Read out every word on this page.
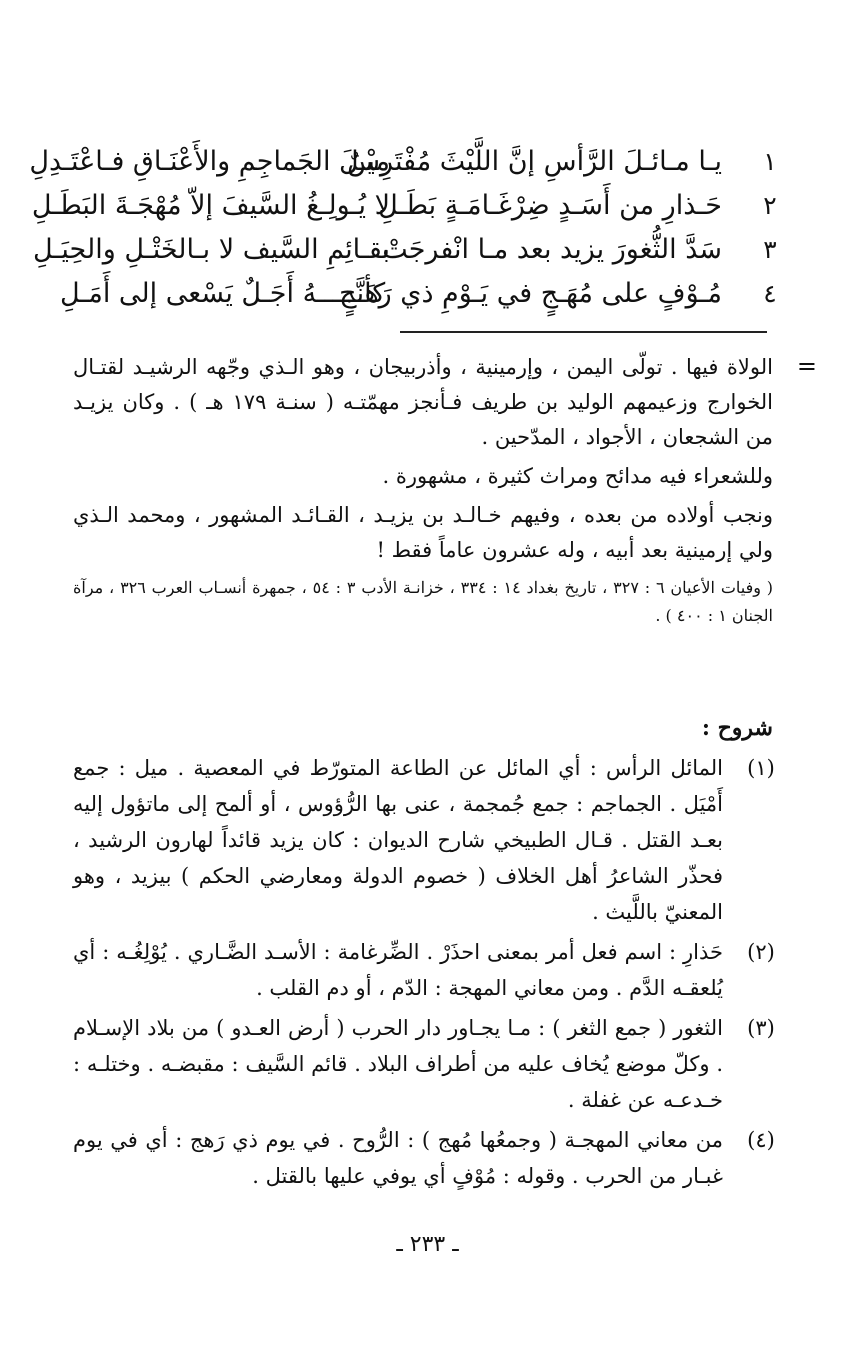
١
يـا مـائـلَ الرَّأسِ إنَّ اللَّيْثَ مُفْتَرِسٌ
مِيْـلَ الجَماجِمِ والأَعْنَـاقِ فـاعْتَـدِلِ
٢
حَـذارِ من أَسَـدٍ ضِرْغَـامَـةٍ بَطَـلِ
لا يُـولِـغُ السَّيفَ إلاّ مُهْجَـةَ البَطَـلِ
٣
سَدَّ الثُّغورَ يزيد بعد مـا انْفرجَتْ
بقـائِمِ السَّيف لا بـالخَتْـلِ والحِيَـلِ
٤
مُـوْفٍ على مُهَـجٍ في يَـوْمِ ذي رَهَـجٍ
كأنَّـــــهُ أَجَـلٌ يَسْعى إلى أَمَـلِ
=

الولاة فيها . تولّى اليمن ، وإرمينية ، وأذربيجان ، وهو الـذي وجّهه الرشيـد لقتـال الخوارج وزعيمهم الوليد بن طريف فـأنجز مهمّتـه ( سنـة ١٧٩ هـ ) . وكان يزيـد من الشجعان ، الأجواد ، المدّحين .

وللشعراء فيه مدائح ومراث كثيرة ، مشهورة .

ونجب أولاده من بعده ، وفيهم خـالـد بن يزيـد ، القـائـد المشهور ، ومحمد الـذي ولي إرمينية بعد أبيه ، وله عشرون عاماً فقط !

( وفيات الأعيان ٦ : ٣٢٧ ، تاريخ بغداد ١٤ : ٣٣٤ ، خزانـة الأدب ٣ : ٥٤ ، جمهرة أنسـاب العرب ٣٢٦ ، مرآة الجنان ١ : ٤٠٠ ) .

شروح :
(١)
المائل الرأس : أي المائل عن الطاعة المتورّط في المعصية . ميل : جمع أَمْيَل . الجماجم : جمع جُمجمة ، عنى بها الرُّؤوس ، أو ألمح إلى ماتؤول إليه بعـد القتل . قـال الطبيخي شارح الديوان : كان يزيد قائداً لهارون الرشيد ، فحذّر الشاعرُ أهل الخلاف ( خصوم الدولة ومعارضي الحكم ) بيزيد ، وهو المعنيّ باللَّيث .
(٢)
حَذارِ : اسم فعل أمر بمعنى احذَرْ . الضِّرغامة : الأسـد الضَّـاري . يُوْلِغُـه : أي يُلعقـه الدَّم . ومن معاني المهجة : الدّم ، أو دم القلب .
(٣)
الثغور ( جمع الثغر ) : مـا يجـاور دار الحرب ( أرض العـدو ) من بلاد الإسـلام . وكلّ موضع يُخاف عليه من أطراف البلاد . قائم السَّيف : مقبضـه . وختلـه : خـدعـه عن غفلة .
(٤)
من معاني المهجـة ( وجمعُها مُهج ) : الرُّوح . في يوم ذي رَهج : أي في يوم غبـار من الحرب . وقوله : مُوْفٍ أي يوفي عليها بالقتل .
ـ ٢٣٣ ـ
